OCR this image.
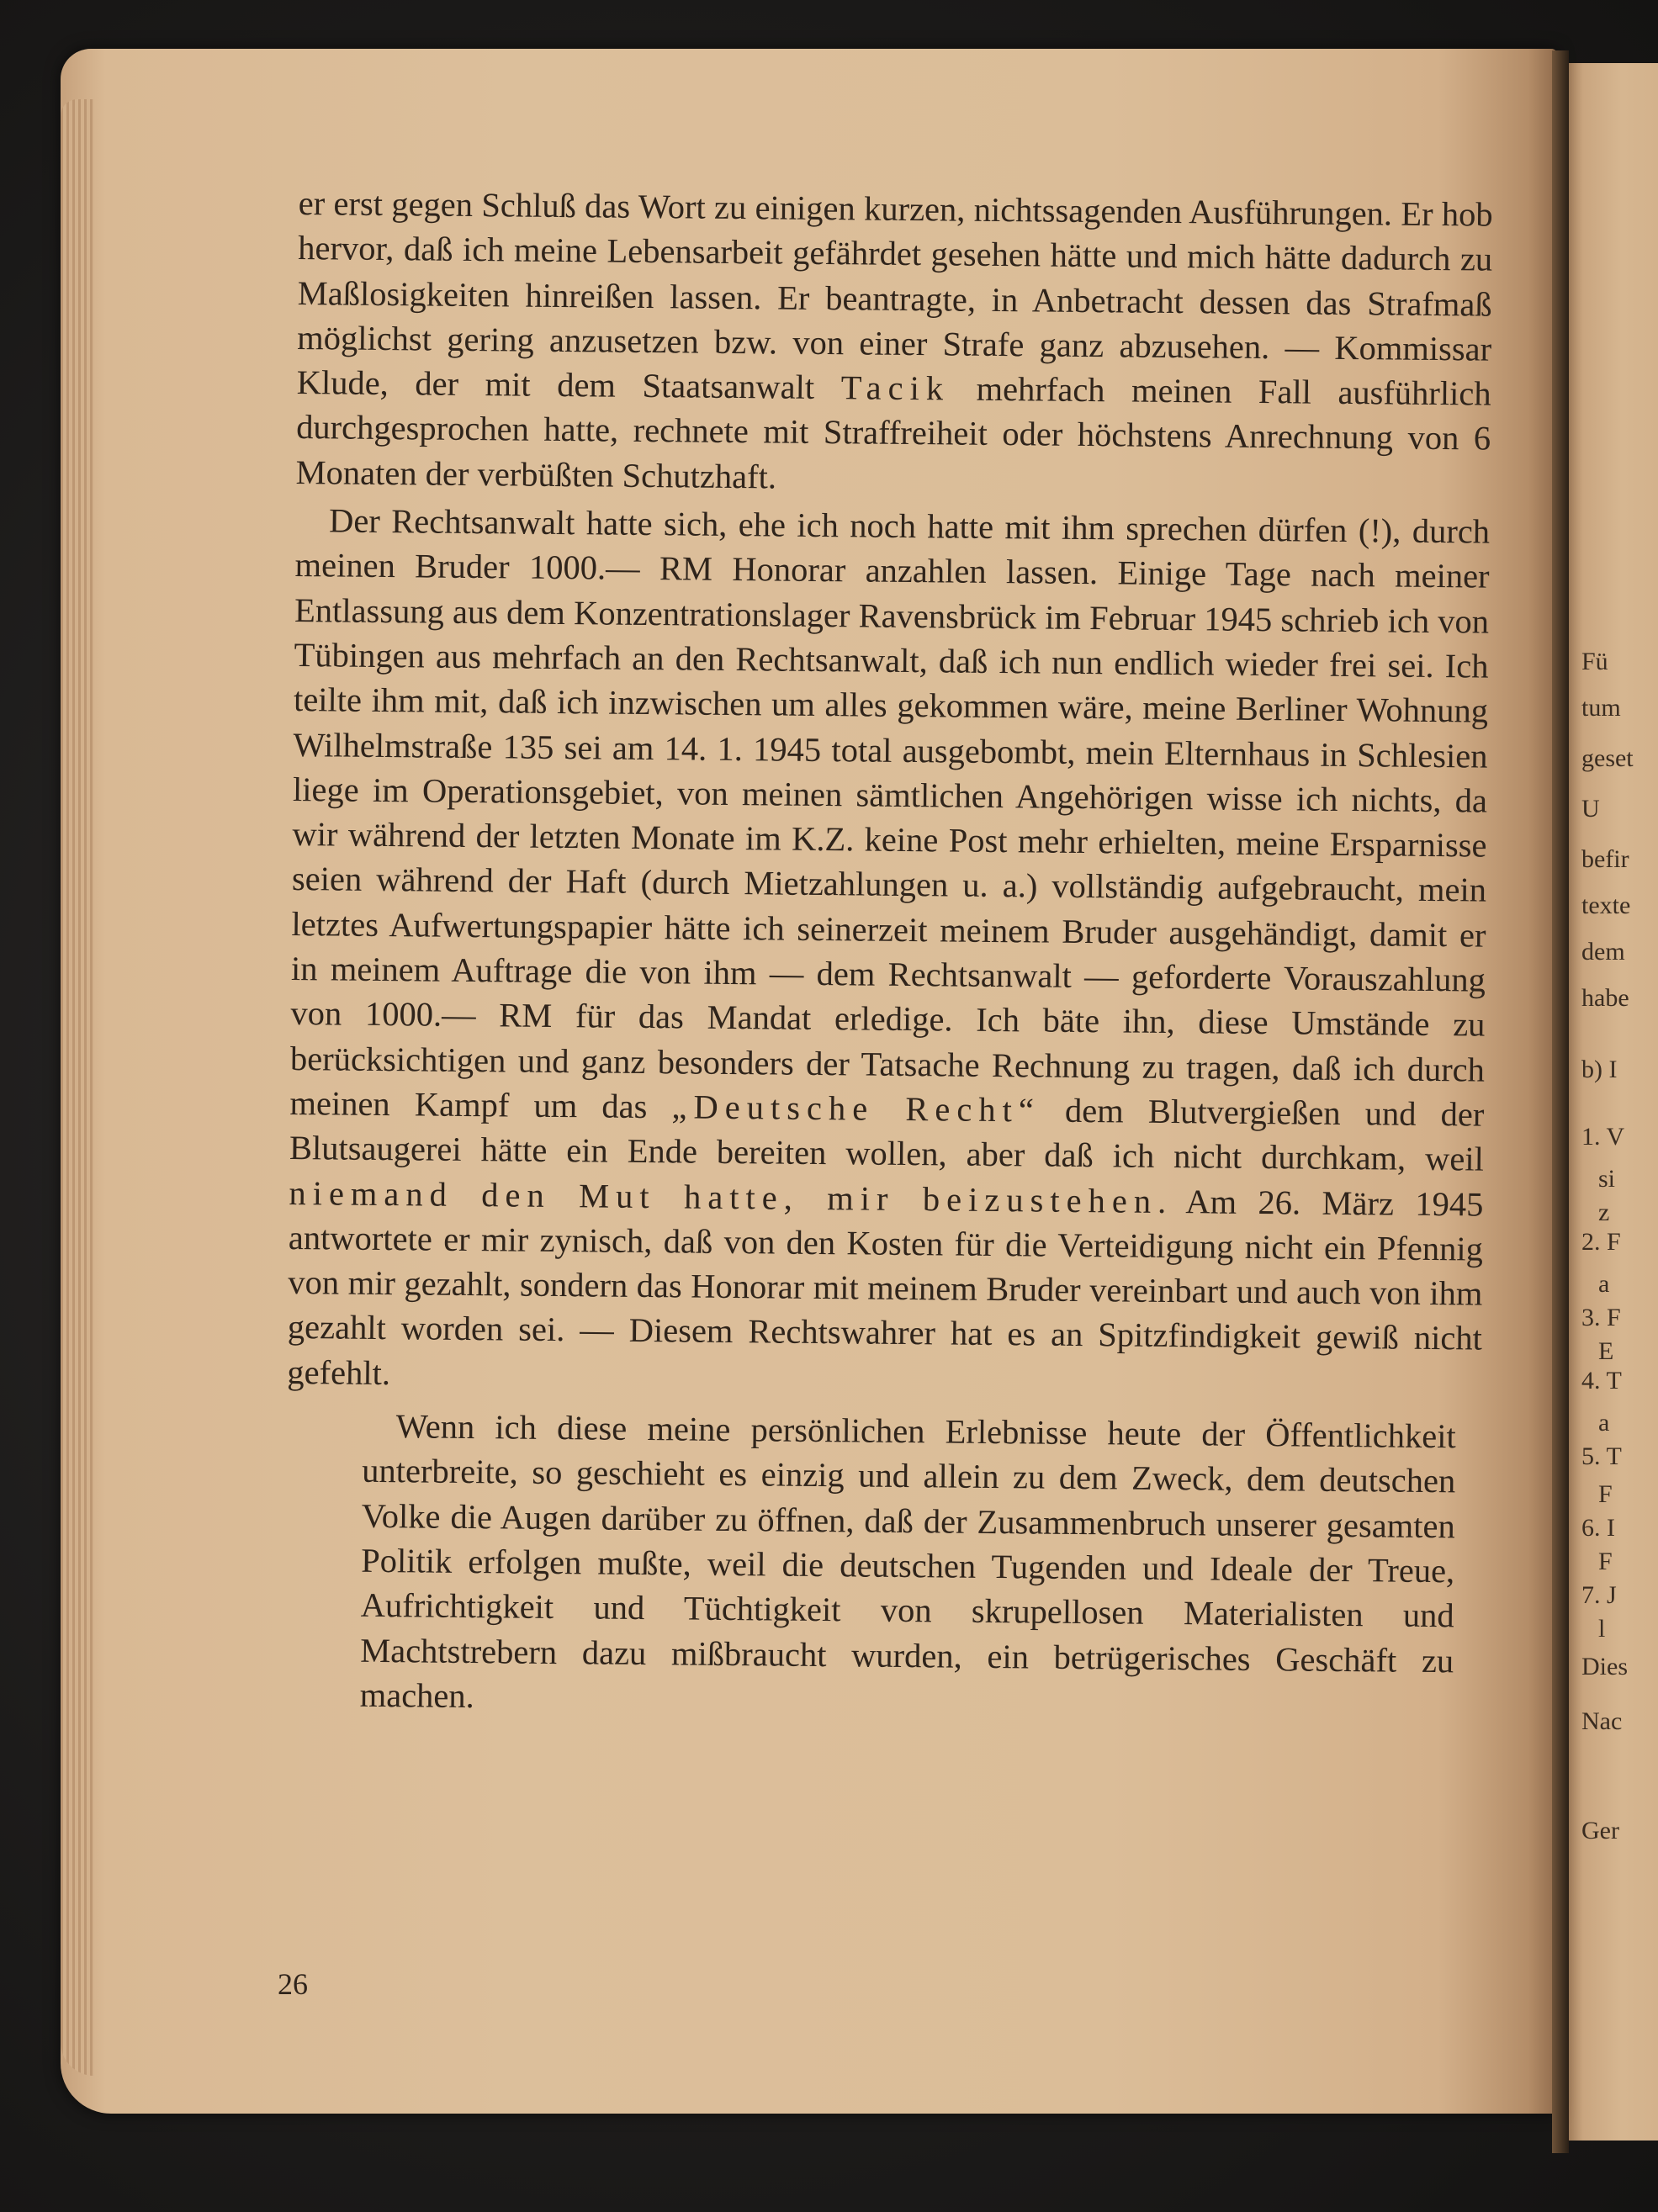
Fü
tum
geset
U
befir
texte
dem
habe
b) I
1. V
si
z
2. F
a
3. F
E
4. T
a
5. T
F
6. I
F
7. J
l
Dies
Nac
Ger

er erst gegen Schluß das Wort zu einigen kurzen, nichtssagenden Ausführungen. Er hob hervor, daß ich meine Lebensarbeit gefährdet gesehen hätte und mich hätte dadurch zu Maßlosigkeiten hinreißen lassen. Er beantragte, in Anbetracht dessen das Strafmaß möglichst gering anzusetzen bzw. von einer Strafe ganz abzusehen. — Kommissar Klude, der mit dem Staatsanwalt Tacik mehrfach meinen Fall ausführlich durchgesprochen hatte, rechnete mit Straffreiheit oder höchstens Anrechnung von 6 Monaten der verbüßten Schutzhaft.

Der Rechtsanwalt hatte sich, ehe ich noch hatte mit ihm sprechen dürfen (!), durch meinen Bruder 1000.— RM Honorar anzahlen lassen. Einige Tage nach meiner Entlassung aus dem Konzentrationslager Ravensbrück im Februar 1945 schrieb ich von Tübingen aus mehrfach an den Rechtsanwalt, daß ich nun endlich wieder frei sei. Ich teilte ihm mit, daß ich inzwischen um alles gekommen wäre, meine Berliner Wohnung Wilhelmstraße 135 sei am 14. 1. 1945 total ausgebombt, mein Elternhaus in Schlesien liege im Operationsgebiet, von meinen sämtlichen Angehörigen wisse ich nichts, da wir während der letzten Monate im K.Z. keine Post mehr erhielten, meine Ersparnisse seien während der Haft (durch Mietzahlungen u. a.) vollständig aufgebraucht, mein letztes Aufwertungspapier hätte ich seinerzeit meinem Bruder ausgehändigt, damit er in meinem Auftrage die von ihm — dem Rechtsanwalt — geforderte Vorauszahlung von 1000.— RM für das Mandat erledige. Ich bäte ihn, diese Umstände zu berücksichtigen und ganz besonders der Tatsache Rechnung zu tragen, daß ich durch meinen Kampf um das „Deutsche Recht“ dem Blutvergießen und der Blutsaugerei hätte ein Ende bereiten wollen, aber daß ich nicht durchkam, weil niemand den Mut hatte, mir beizustehen. Am 26. März 1945 antwortete er mir zynisch, daß von den Kosten für die Verteidigung nicht ein Pfennig von mir gezahlt, sondern das Honorar mit meinem Bruder vereinbart und auch von ihm gezahlt worden sei. — Diesem Rechtswahrer hat es an Spitzfindigkeit gewiß nicht gefehlt.

Wenn ich diese meine persönlichen Erlebnisse heute der Öffentlichkeit unterbreite, so geschieht es einzig und allein zu dem Zweck, dem deutschen Volke die Augen darüber zu öffnen, daß der Zusammenbruch unserer gesamten Politik erfolgen mußte, weil die deutschen Tugenden und Ideale der Treue, Aufrichtigkeit und Tüchtigkeit von skrupellosen Materialisten und Machtstrebern dazu mißbraucht wurden, ein betrügerisches Geschäft zu machen.

26
